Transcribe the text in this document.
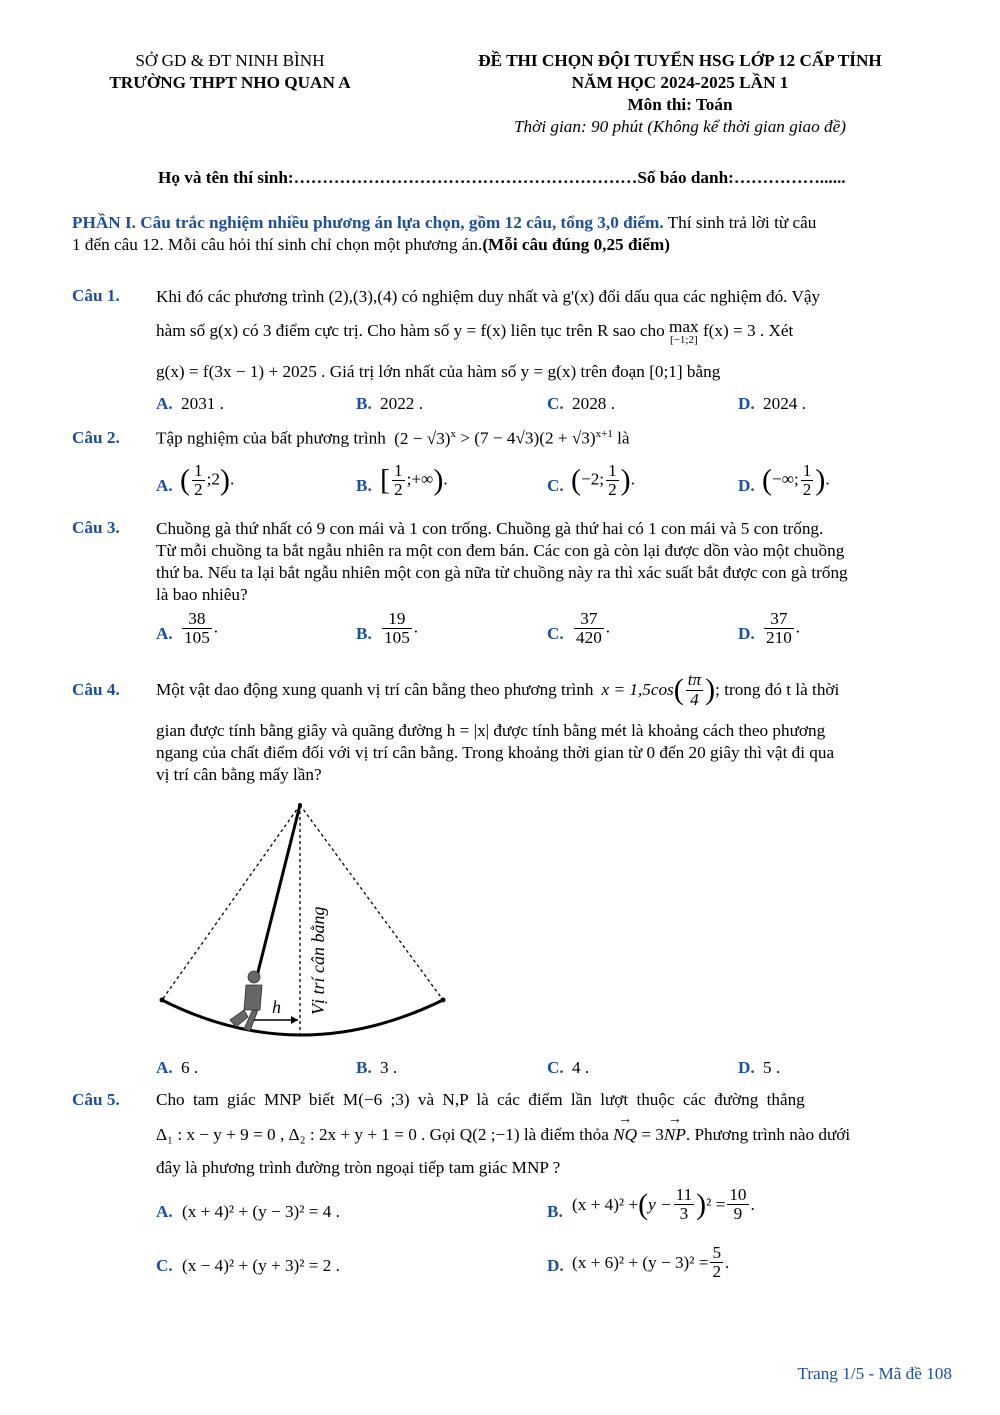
SỞ GD & ĐT NINH BÌNH
TRƯỜNG THPT NHO QUAN A
ĐỀ THI CHỌN ĐỘI TUYỂN HSG LỚP 12 CẤP TỈNH
NĂM HỌC 2024-2025 LẦN 1
Môn thi: Toán
Thời gian: 90 phút (Không kể thời gian giao đề)
Họ và tên thí sinh:……………………………………………………Số báo danh:……………......
PHẦN I. Câu trắc nghiệm nhiều phương án lựa chọn, gồm 12 câu, tổng 3,0 điểm. Thí sinh trả lời từ câu
1 đến câu 12. Mỗi câu hỏi thí sinh chỉ chọn một phương án.(Mỗi câu đúng 0,25 điểm)
Câu 1. Khi đó các phương trình (2),(3),(4) có nghiệm duy nhất và g'(x) đổi dấu qua các nghiệm đó. Vậy
hàm số g(x) có 3 điểm cực trị. Cho hàm số y = f(x) liên tục trên R sao cho max
[−1;2]
f(x) = 3 . Xét
g(x) = f(3x − 1) + 2025 . Giá trị lớn nhất của hàm số y = g(x) trên đoạn [0;1] bằng
A. 2031 .	B. 2022 .	C. 2028 .	D. 2024 .
Câu 2. Tập nghiệm của bất phương trình $(2 - √3)^x > (7 - 4√3)(2 + √3)^{x+1}$ là
A. ( $\frac{1}{2}$ ;2).	B. [ $\frac{1}{2}$ ;+∞).	C. (−2; $\frac{1}{2}$ ).	D. (−∞; $\frac{1}{2}$ ).
Câu 3. Chuồng gà thứ nhất có 9 con mái và 1 con trống. Chuồng gà thứ hai có 1 con mái và 5 con trống.
Từ mỗi chuồng ta bắt ngẫu nhiên ra một con đem bán. Các con gà còn lại được dồn vào một chuồng
thứ ba. Nếu ta lại bắt ngẫu nhiên một con gà nữa từ chuồng này ra thì xác suất bắt được con gà trống
là bao nhiêu?
A. $\frac{38}{105}$ .	B. $\frac{19}{105}$ .	C. $\frac{37}{420}$ .	D. $\frac{37}{210}$ .
Câu 4. Một vật dao động xung quanh vị trí cân bằng theo phương trình x = 1,5cos ( $\frac{t\pi}{4}$ ) ; trong đó t là thời
gian được tính bằng giây và quãng đường h = |x| được tính bằng mét là khoảng cách theo phương
ngang của chất điểm đối với vị trí cân bằng. Trong khoảng thời gian từ 0 đến 20 giây thì vật đi qua
vị trí cân bằng mấy lần?
h Vị trí cân bằng
A. 6 .	B. 3 .	C. 4 .	D. 5 .
Câu 5. Cho tam giác MNP biết M(−6 ;3) và N,P là các điểm lần lượt thuộc các đường thẳng
Δ₁ : x − y + 9 = 0 , Δ₂ : 2x + y + 1 = 0 . Gọi Q(2 ;−1) là điểm thỏa → NQ = 3→ NP. Phương trình nào dưới
đây là phương trình đường tròn ngoại tiếp tam giác MNP ?
A. (x + 4)² + (y − 3)² = 4 .	B. (x + 4)² + ( $y - \frac{11}{3}$ ) $^2 = \frac{10}{9}$ .
C. (x − 4)² + (y + 3)² = 2 .	D. $(x + 6)^2 + (y - 3)^2 = \frac{5}{2}$ .
Trang 1/5 - Mã đề 108
